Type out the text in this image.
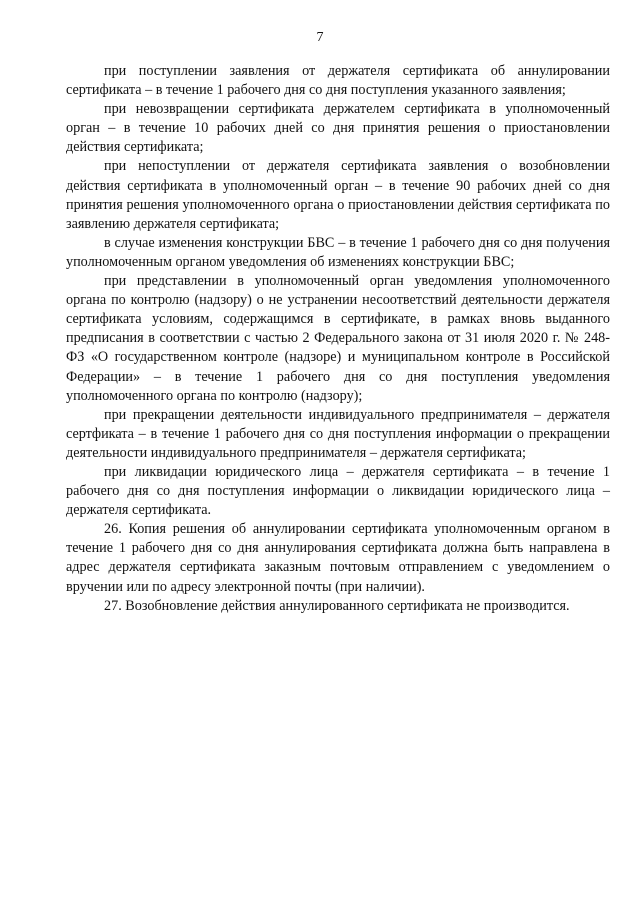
7

при поступлении заявления от держателя сертификата об аннулировании сертификата – в течение 1 рабочего дня со дня поступления указанного заявления;

при невозвращении сертификата держателем сертификата в уполномоченный орган – в течение 10 рабочих дней со дня принятия решения о приостановлении действия сертификата;

при непоступлении от держателя сертификата заявления о возобновлении действия сертификата в уполномоченный орган – в течение 90 рабочих дней со дня принятия решения уполномоченного органа о приостановлении действия сертификата по заявлению держателя сертификата;

в случае изменения конструкции БВС – в течение 1 рабочего дня со дня получения уполномоченным органом уведомления об изменениях конструкции БВС;

при представлении в уполномоченный орган уведомления уполномоченного органа по контролю (надзору) о не устранении несоответствий деятельности держателя сертификата условиям, содержащимся в сертификате, в рамках вновь выданного предписания в соответствии с частью 2 Федерального закона от 31 июля 2020 г. № 248-ФЗ «О государственном контроле (надзоре) и муниципальном контроле в Российской Федерации» – в течение 1 рабочего дня со дня поступления уведомления уполномоченного органа по контролю (надзору);

при прекращении деятельности индивидуального предпринимателя – держателя сертфиката – в течение 1 рабочего дня со дня поступления информации о прекращении деятельности индивидуального предпринимателя – держателя сертификата;

при ликвидации юридического лица – держателя сертификата – в течение 1 рабочего дня со дня поступления информации о ликвидации юридического лица – держателя сертификата.

26. Копия решения об аннулировании сертификата уполномоченным органом в течение 1 рабочего дня со дня аннулирования сертификата должна быть направлена в адрес держателя сертификата заказным почтовым отправлением с уведомлением о вручении или по адресу электронной почты (при наличии).

27. Возобновление действия аннулированного сертификата не производится.
